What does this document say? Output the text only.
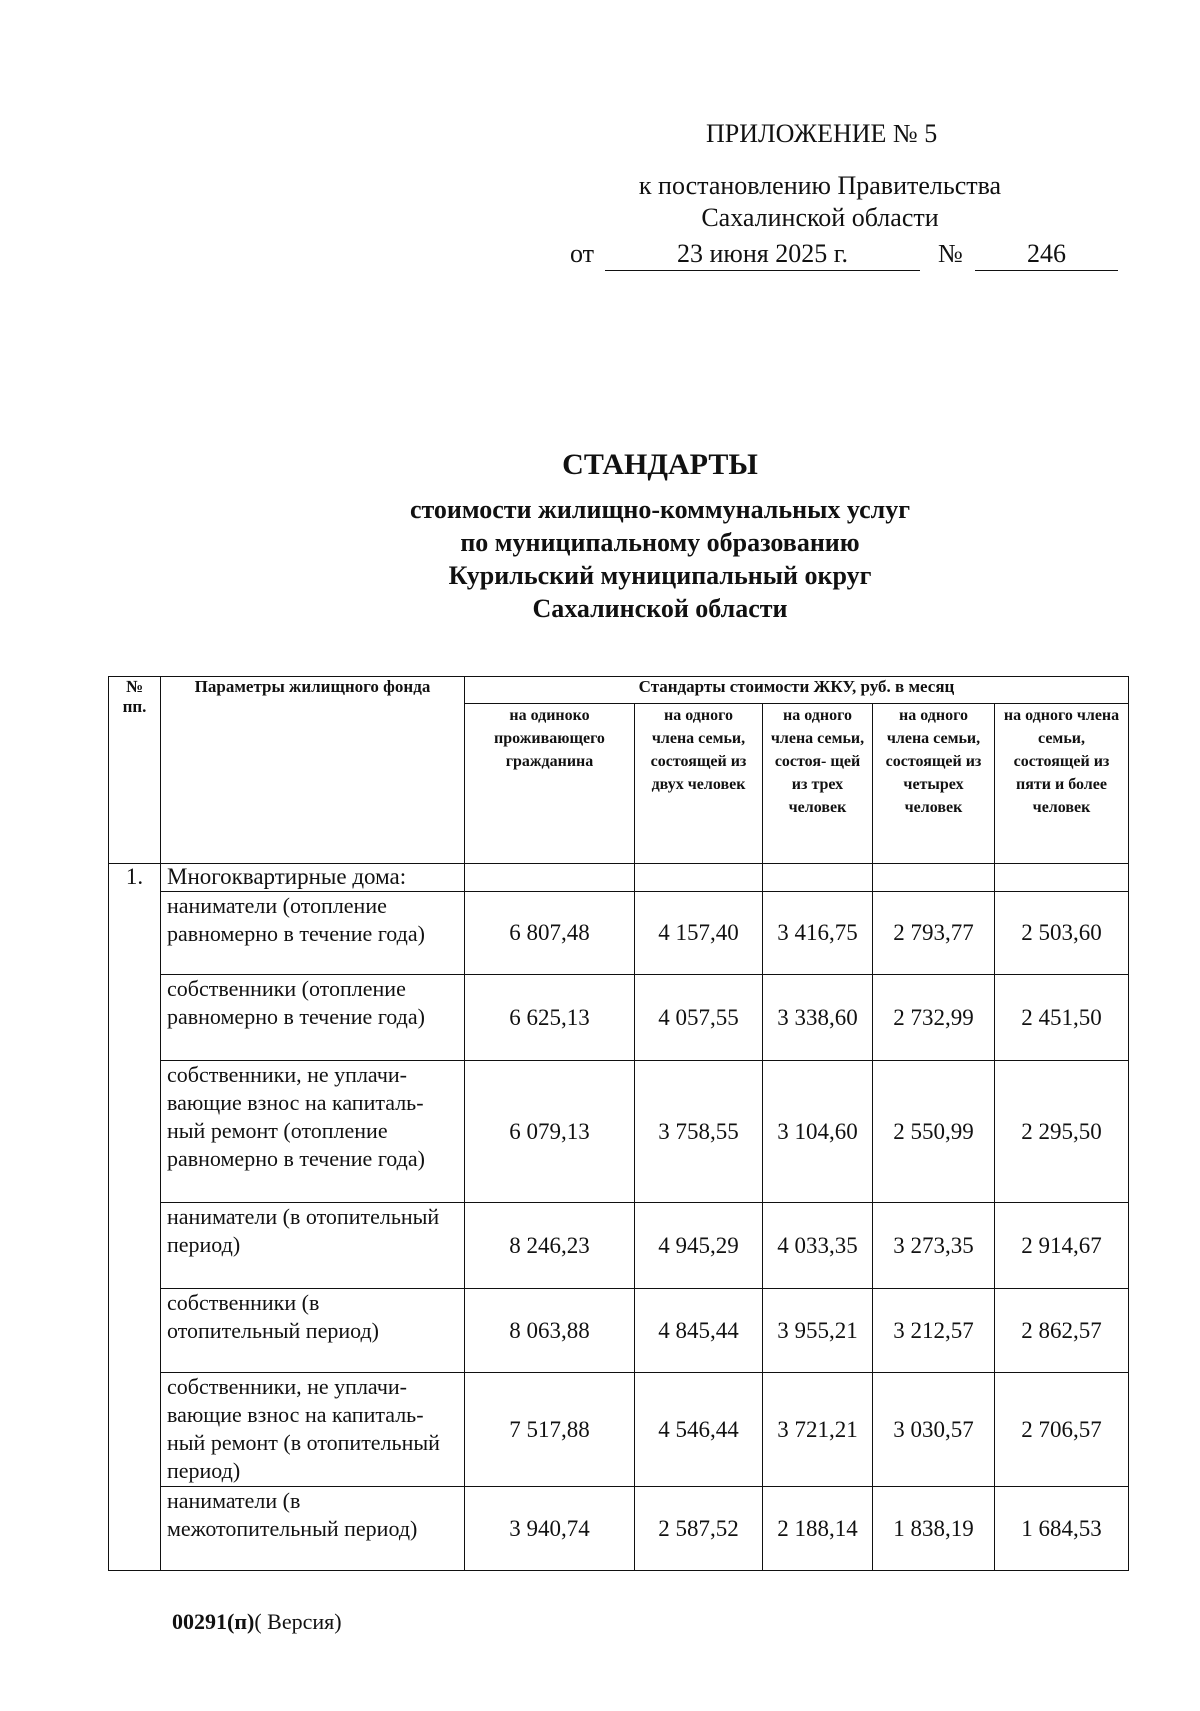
ПРИЛОЖЕНИЕ № 5
к постановлению Правительства
Сахалинской области
от	23 июня 2025 г.	№	246
СТАНДАРТЫ
стоимости жилищно-коммунальных услуг
по муниципальному образованию
Курильский муниципальный округ
Сахалинской области
№ пп.	Параметры жилищного фонда	Стандарты стоимости ЖКУ, руб. в месяц				
		на одиноко проживающего гражданина	на одного члена семьи, состоящей из двух человек	на одного члена семьи, состоя- щей из трех человек	на одного члена семьи, состоящей из четырех человек	на одного члена семьи, состоящей из пяти и более человек
1.	Многоквартирные дома:					
	наниматели (отопление равномерно в течение года)	6 807,48	4 157,40	3 416,75	2 793,77	2 503,60
	собственники (отопление равномерно в течение года)	6 625,13	4 057,55	3 338,60	2 732,99	2 451,50
	собственники, не уплачи- вающие взнос на капиталь- ный ремонт (отопление равномерно в течение года)	6 079,13	3 758,55	3 104,60	2 550,99	2 295,50
	наниматели (в отопительный период)	8 246,23	4 945,29	4 033,35	3 273,35	2 914,67
	собственники (в отопительный период)	8 063,88	4 845,44	3 955,21	3 212,57	2 862,57
	собственники, не уплачи- вающие взнос на капиталь- ный ремонт (в отопительный период)	7 517,88	4 546,44	3 721,21	3 030,57	2 706,57
	наниматели (в межотопительный период)	3 940,74	2 587,52	2 188,14	1 838,19	1 684,53
00291(п)( Версия)
